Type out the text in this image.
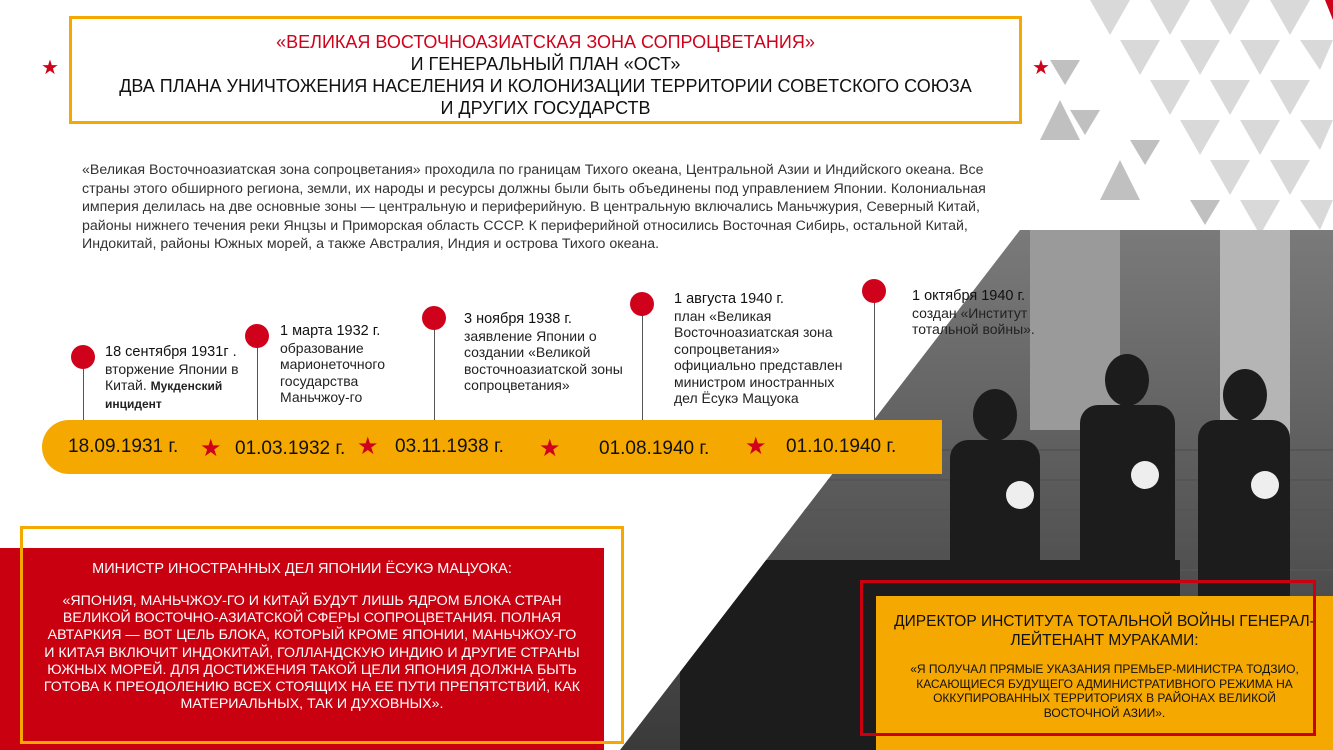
«ВЕЛИКАЯ ВОСТОЧНОАЗИАТСКАЯ ЗОНА СОПРОЦВЕТАНИЯ»
И ГЕНЕРАЛЬНЫЙ ПЛАН «ОСТ»
ДВА ПЛАНА УНИЧТОЖЕНИЯ НАСЕЛЕНИЯ И КОЛОНИЗАЦИИ ТЕРРИТОРИИ СОВЕТСКОГО СОЮЗА
И ДРУГИХ ГОСУДАРСТВ
★	★
«Великая Восточноазиатская зона сопроцветания» проходила по границам Тихого океана, Центральной Азии и Индийского океана. Все страны этого обширного региона, земли, их народы и ресурсы должны были быть объединены под управлением Японии. Колониальная империя делилась на две основные зоны — центральную и периферийную. В центральную включались Маньчжурия, Северный Китай, районы нижнего течения реки Янцзы и Приморская область СССР. К периферийной относились Восточная Сибирь, остальной Китай, Индокитай, районы Южных морей, а также Австралия, Индия и острова Тихого океана.
18.09.1931 г.	01.03.1932 г.	03.11.1938 г.	01.08.1940 г.	01.10.1940 г.
★	★	★	★
18 сентября 1931г .
вторжение Японии в Китай. Мукденский инцидент
1 марта 1932 г.
образование марионеточного государства Маньчжоу-го
3 ноября 1938 г.
заявление Японии о создании «Великой восточноазиатской зоны сопроцветания»
1 августа 1940 г.
план «Великая Восточноазиатская зона сопроцветания» официально представлен министром иностранных дел Ёсукэ Мацуока
1 октября 1940 г.
создан «Институт тотальной войны».
МИНИСТР ИНОСТРАННЫХ ДЕЛ ЯПОНИИ ЁСУКЭ МАЦУОКА:
«ЯПОНИЯ, МАНЬЧЖОУ-ГО И КИТАЙ БУДУТ ЛИШЬ ЯДРОМ БЛОКА СТРАН ВЕЛИКОЙ ВОСТОЧНО-АЗИАТСКОЙ СФЕРЫ СОПРОЦВЕТАНИЯ. ПОЛНАЯ АВТАРКИЯ — ВОТ ЦЕЛЬ БЛОКА, КОТОРЫЙ КРОМЕ ЯПОНИИ, МАНЬЧЖОУ-ГО И КИТАЯ ВКЛЮЧИТ ИНДОКИТАЙ, ГОЛЛАНДСКУЮ ИНДИЮ И ДРУГИЕ СТРАНЫ ЮЖНЫХ МОРЕЙ. ДЛЯ ДОСТИЖЕНИЯ ТАКОЙ ЦЕЛИ ЯПОНИЯ ДОЛЖНА БЫТЬ ГОТОВА К ПРЕОДОЛЕНИЮ ВСЕХ СТОЯЩИХ НА ЕЕ ПУТИ ПРЕПЯТСТВИЙ, КАК МАТЕРИАЛЬНЫХ, ТАК И ДУХОВНЫХ».
ДИРЕКТОР ИНСТИТУТА ТОТАЛЬНОЙ ВОЙНЫ ГЕНЕРАЛ-ЛЕЙТЕНАНТ МУРАКАМИ:
«Я ПОЛУЧАЛ ПРЯМЫЕ УКАЗАНИЯ ПРЕМЬЕР-МИНИСТРА ТОДЗИО, КАСАЮЩИЕСЯ БУДУЩЕГО АДМИНИСТРАТИВНОГО РЕЖИМА НА ОККУПИРОВАННЫХ ТЕРРИТОРИЯХ В РАЙОНАХ ВЕЛИКОЙ ВОСТОЧНОЙ АЗИИ».
